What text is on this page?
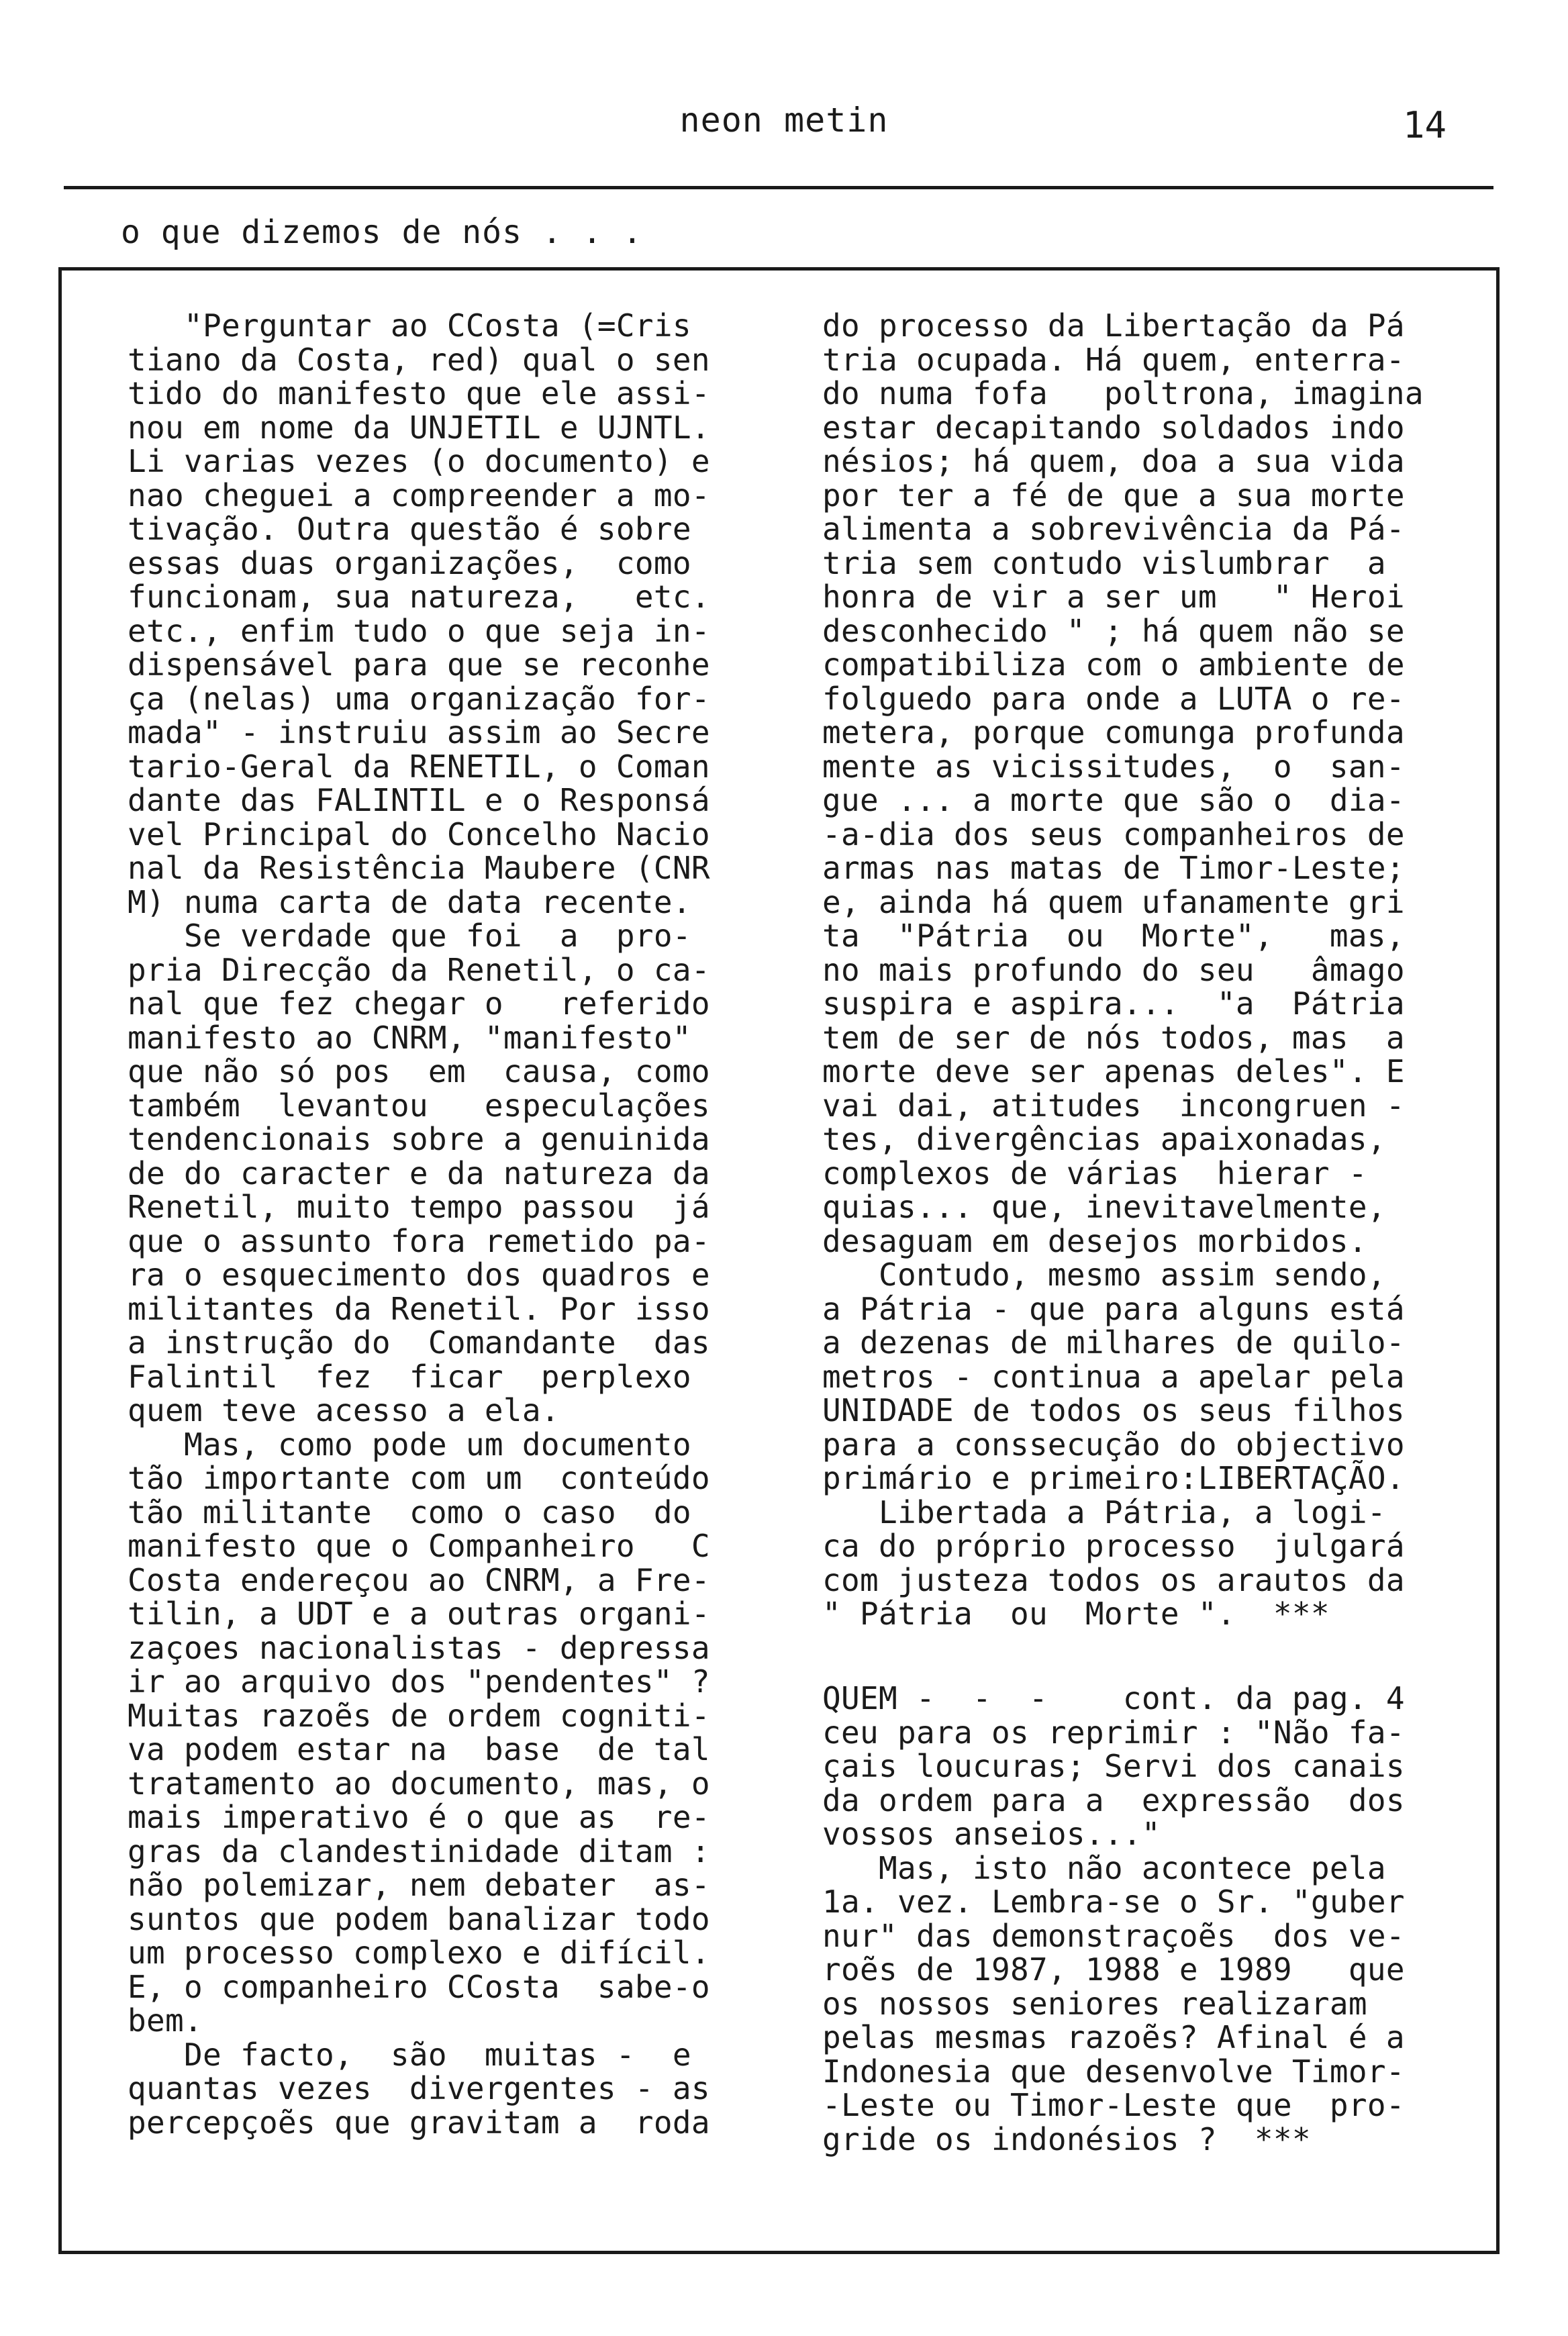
neon metin	14
o que dizemos de nós . . .
"Perguntar ao CCosta (=Cris
tiano da Costa, red) qual o sen
tido do manifesto que ele assi-
nou em nome da UNJETIL e UJNTL.
Li varias vezes (o documento) e
nao cheguei a compreender a mo-
tivação. Outra questão é sobre
essas duas organizações,  como
funcionam, sua natureza,   etc.
etc., enfim tudo o que seja in-
dispensável para que se reconhe
ça (nelas) uma organização for-
mada" - instruiu assim ao Secre
tario-Geral da RENETIL, o Coman
dante das FALINTIL e o Responsá
vel Principal do Concelho Nacio
nal da Resistência Maubere (CNR
M) numa carta de data recente.
Se verdade que foi  a  pro-
pria Direcção da Renetil, o ca-
nal que fez chegar o   referido
manifesto ao CNRM, "manifesto"
que não só pos  em  causa, como
também  levantou   especulações
tendencionais sobre a genuinida
de do caracter e da natureza da
Renetil, muito tempo passou  já
que o assunto fora remetido pa-
ra o esquecimento dos quadros e
militantes da Renetil. Por isso
a instrução do  Comandante  das
Falintil  fez  ficar  perplexo
quem teve acesso a ela.
Mas, como pode um documento
tão importante com um  conteúdo
tão militante  como o caso  do
manifesto que o Companheiro   C
Costa endereçou ao CNRM, a Fre-
tilin, a UDT e a outras organi-
zaçoes nacionalistas - depressa
ir ao arquivo dos "pendentes" ?
Muitas razoẽs de ordem cogniti-
va podem estar na  base  de tal
tratamento ao documento, mas, o
mais imperativo é o que as  re-
gras da clandestinidade ditam :
não polemizar, nem debater  as-
suntos que podem banalizar todo
um processo complexo e difícil.
E, o companheiro CCosta  sabe-o
bem.
De facto,  são  muitas -  e
quantas vezes  divergentes - as
percepçoẽs que gravitam a  roda
do processo da Libertação da Pá
tria ocupada. Há quem, enterra-
do numa fofa   poltrona, imagina
estar decapitando soldados indo
nésios; há quem, doa a sua vida
por ter a fé de que a sua morte
alimenta a sobrevivência da Pá-
tria sem contudo vislumbrar  a
honra de vir a ser um   " Heroi
desconhecido " ; há quem não se
compatibiliza com o ambiente de
folguedo para onde a LUTA o re-
metera, porque comunga profunda
mente as vicissitudes,  o  san-
gue ... a morte que são o  dia-
-a-dia dos seus companheiros de
armas nas matas de Timor-Leste;
e, ainda há quem ufanamente gri
ta  "Pátria  ou  Morte",   mas,
no mais profundo do seu   âmago
suspira e aspira...  "a  Pátria
tem de ser de nós todos, mas  a
morte deve ser apenas deles". E
vai dai, atitudes  incongruen -
tes, divergências apaixonadas,
complexos de várias  hierar -
quias... que, inevitavelmente,
desaguam em desejos morbidos.
Contudo, mesmo assim sendo,
a Pátria - que para alguns está
a dezenas de milhares de quilo-
metros - continua a apelar pela
UNIDADE de todos os seus filhos
para a conssecução do objectivo
primário e primeiro:LIBERTAÇÃO.
Libertada a Pátria, a logi-
ca do próprio processo  julgará
com justeza todos os arautos da
" Pátria  ou  Morte ".  ***
QUEM -  -  -    cont. da pag. 4
ceu para os reprimir : "Não fa-
çais loucuras; Servi dos canais
da ordem para a  expressão  dos
vossos anseios..."
Mas, isto não acontece pela
1a. vez. Lembra-se o Sr. "guber
nur" das demonstraçoẽs  dos ve-
roẽs de 1987, 1988 e 1989   que
os nossos seniores realizaram
pelas mesmas razoẽs? Afinal é a
Indonesia que desenvolve Timor-
-Leste ou Timor-Leste que  pro-
gride os indonésios ?  ***
